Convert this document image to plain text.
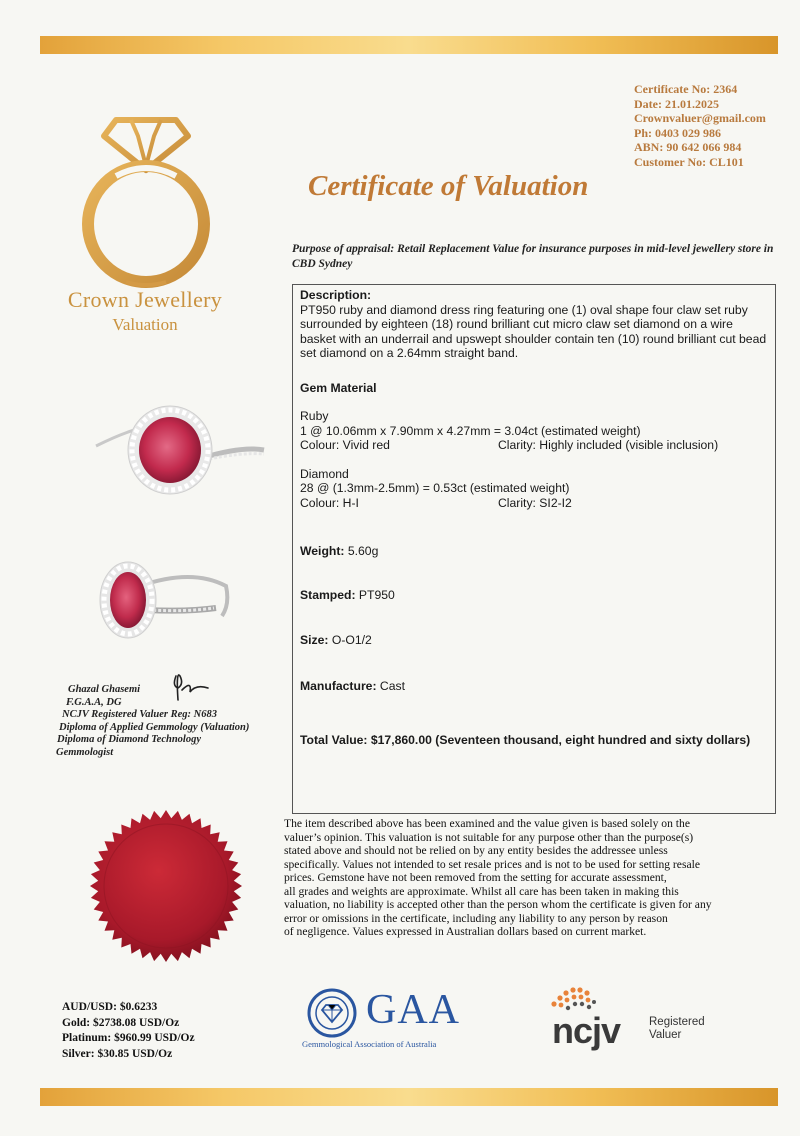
Certificate No: 2364
Date: 21.01.2025
Crownvaluer@gmail.com
Ph: 0403 029 986
ABN: 90 642 066 984
Customer No: CL101
Crown Jewellery
Valuation
Certificate of Valuation
Purpose of appraisal: Retail Replacement Value for insurance purposes in mid-level jewellery store in CBD Sydney
Description:
PT950 ruby and diamond dress ring featuring one (1) oval shape four claw set ruby surrounded by eighteen (18) round brilliant cut micro claw set diamond on a wire basket with an underrail and upswept shoulder contain ten (10) round brilliant cut bead set diamond on a 2.64mm straight band.
Gem Material
Ruby
1 @ 10.06mm x 7.90mm x 4.27mm = 3.04ct (estimated weight)
Colour: Vivid red	Clarity: Highly included (visible inclusion)
Diamond
28 @ (1.3mm-2.5mm) = 0.53ct (estimated weight)
Colour: H-I	Clarity: SI2-I2
Weight: 5.60g
Stamped: PT950
Size: O-O1/2
Manufacture: Cast
Total Value: $17,860.00 (Seventeen thousand, eight hundred and sixty dollars)
Ghazal Ghasemi
F.G.A.A, DG
NCJV Registered Valuer Reg: N683
Diploma of Applied Gemmology (Valuation)
Diploma of Diamond Technology
Gemmologist
The item described above has been examined and the value given is based solely on the
valuer’s opinion. This valuation is not suitable for any purpose other than the purpose(s)
stated above and should not be relied on by any entity besides the addressee unless
specifically. Values not intended to set resale prices and is not to be used for setting resale
prices. Gemstone have not been removed from the setting for accurate assessment,
all grades and weights are approximate. Whilst all care has been taken in making this
valuation, no liability is accepted other than the person whom the certificate is given for any
error or omissions in the certificate, including any liability to any person by reason
of negligence. Values expressed in Australian dollars based on current market.
AUD/USD: $0.6233
Gold: $2738.08 USD/Oz
Platinum: $960.99 USD/Oz
Silver: $30.85 USD/Oz
GAA
Gemmological Association of Australia	ncjv	Registered
Valuer
